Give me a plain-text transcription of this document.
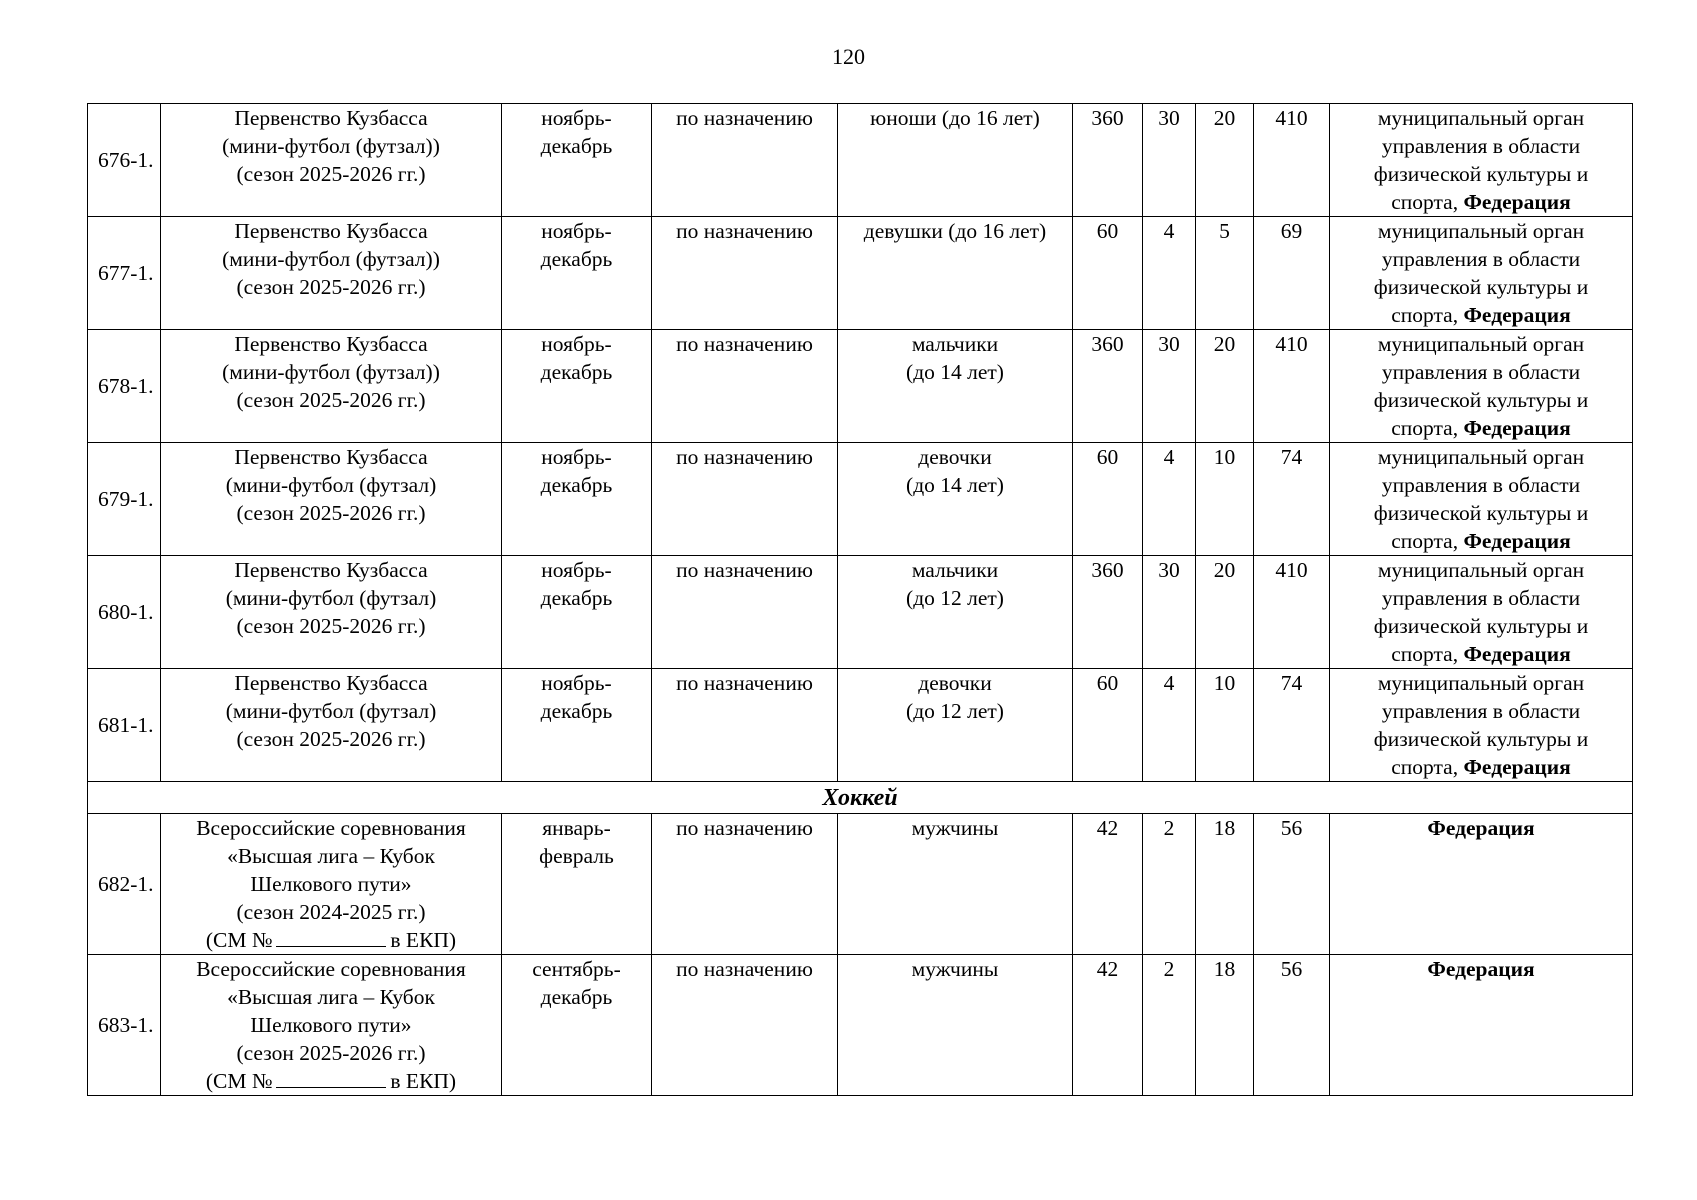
120
676-1.	Первенство Кузбасса
(мини-футбол (футзал))
(сезон 2025-2026 гг.)	ноябрь-
декабрь	по назначению	юноши (до 16 лет)	360	30	20	410	муниципальный орган
управления в области
физической культуры и
спорта, Федерация
677-1.	Первенство Кузбасса
(мини-футбол (футзал))
(сезон 2025-2026 гг.)	ноябрь-
декабрь	по назначению	девушки (до 16 лет)	60	4	5	69	муниципальный орган
управления в области
физической культуры и
спорта, Федерация
678-1.	Первенство Кузбасса
(мини-футбол (футзал))
(сезон 2025-2026 гг.)	ноябрь-
декабрь	по назначению	мальчики
(до 14 лет)	360	30	20	410	муниципальный орган
управления в области
физической культуры и
спорта, Федерация
679-1.	Первенство Кузбасса
(мини-футбол (футзал)
(сезон 2025-2026 гг.)	ноябрь-
декабрь	по назначению	девочки
(до 14 лет)	60	4	10	74	муниципальный орган
управления в области
физической культуры и
спорта, Федерация
680-1.	Первенство Кузбасса
(мини-футбол (футзал)
(сезон 2025-2026 гг.)	ноябрь-
декабрь	по назначению	мальчики
(до 12 лет)	360	30	20	410	муниципальный орган
управления в области
физической культуры и
спорта, Федерация
681-1.	Первенство Кузбасса
(мини-футбол (футзал)
(сезон 2025-2026 гг.)	ноябрь-
декабрь	по назначению	девочки
(до 12 лет)	60	4	10	74	муниципальный орган
управления в области
физической культуры и
спорта, Федерация
Хоккей									
682-1.	Всероссийские соревнования
«Высшая лига – Кубок
Шелкового пути»
(сезон 2024-2025 гг.)
(СМ № в ЕКП)	январь-
февраль	по назначению	мужчины	42	2	18	56	Федерация
683-1.	Всероссийские соревнования
«Высшая лига – Кубок
Шелкового пути»
(сезон 2025-2026 гг.)
(СМ № в ЕКП)	сентябрь-
декабрь	по назначению	мужчины	42	2	18	56	Федерация
